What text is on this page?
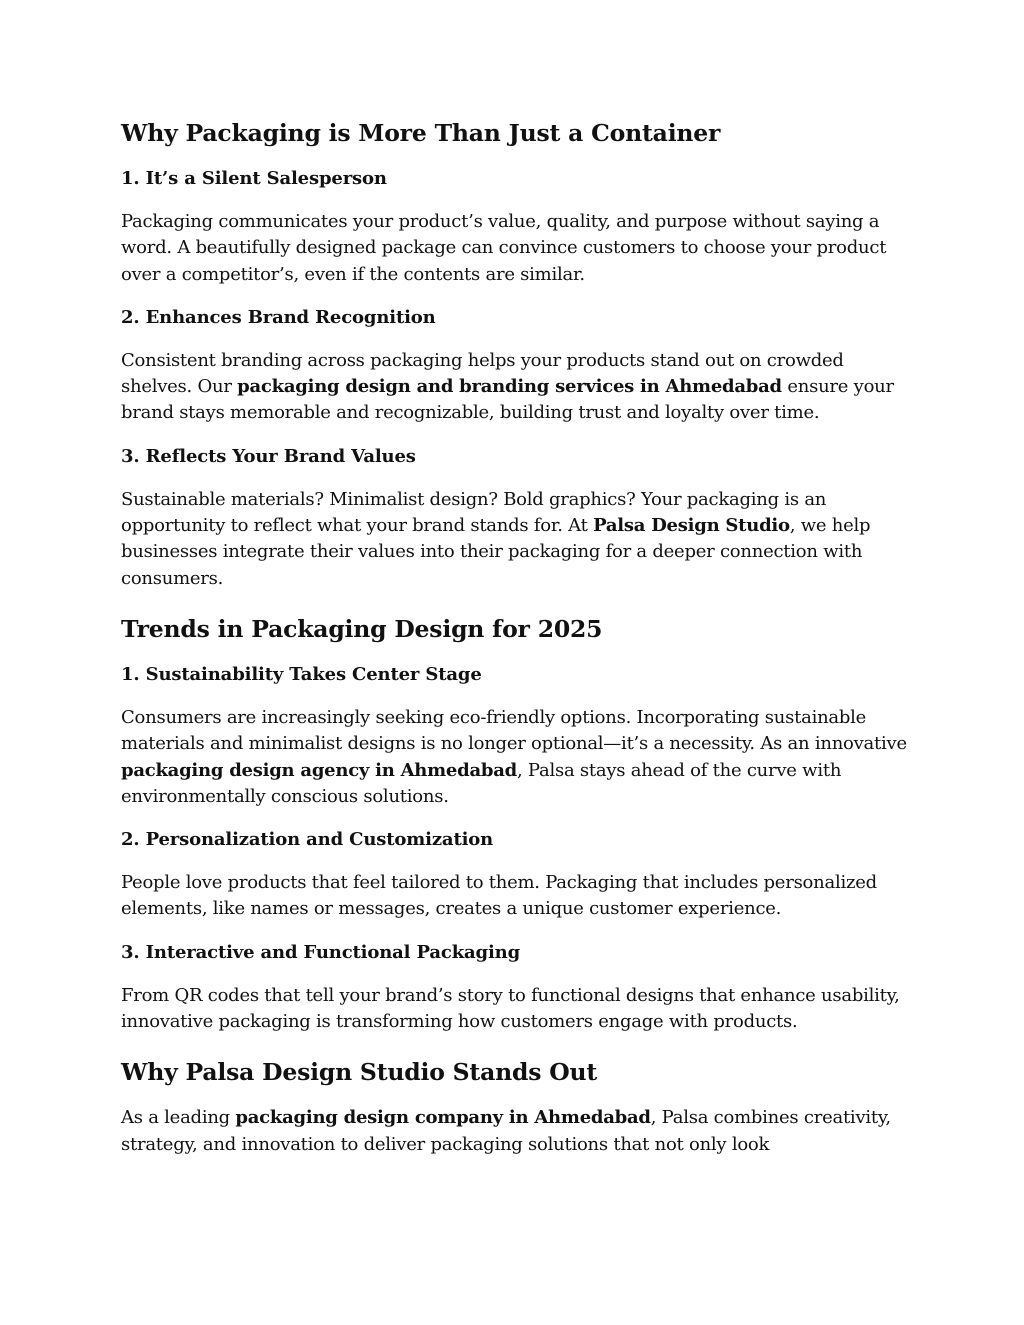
Why Packaging is More Than Just a Container
1. It’s a Silent Salesperson

Packaging communicates your product’s value, quality, and purpose without saying a word. A beautifully designed package can convince customers to choose your product over a competitor’s, even if the contents are similar.

2. Enhances Brand Recognition

Consistent branding across packaging helps your products stand out on crowded shelves. Our packaging design and branding services in Ahmedabad ensure your brand stays memorable and recognizable, building trust and loyalty over time.

3. Reflects Your Brand Values

Sustainable materials? Minimalist design? Bold graphics? Your packaging is an opportunity to reflect what your brand stands for. At Palsa Design Studio, we help businesses integrate their values into their packaging for a deeper connection with consumers.

Trends in Packaging Design for 2025
1. Sustainability Takes Center Stage

Consumers are increasingly seeking eco-friendly options. Incorporating sustainable materials and minimalist designs is no longer optional—it’s a necessity. As an innovative packaging design agency in Ahmedabad, Palsa stays ahead of the curve with environmentally conscious solutions.

2. Personalization and Customization

People love products that feel tailored to them. Packaging that includes personalized elements, like names or messages, creates a unique customer experience.

3. Interactive and Functional Packaging

From QR codes that tell your brand’s story to functional designs that enhance usability, innovative packaging is transforming how customers engage with products.

Why Palsa Design Studio Stands Out

As a leading packaging design company in Ahmedabad, Palsa combines creativity, strategy, and innovation to deliver packaging solutions that not only look
